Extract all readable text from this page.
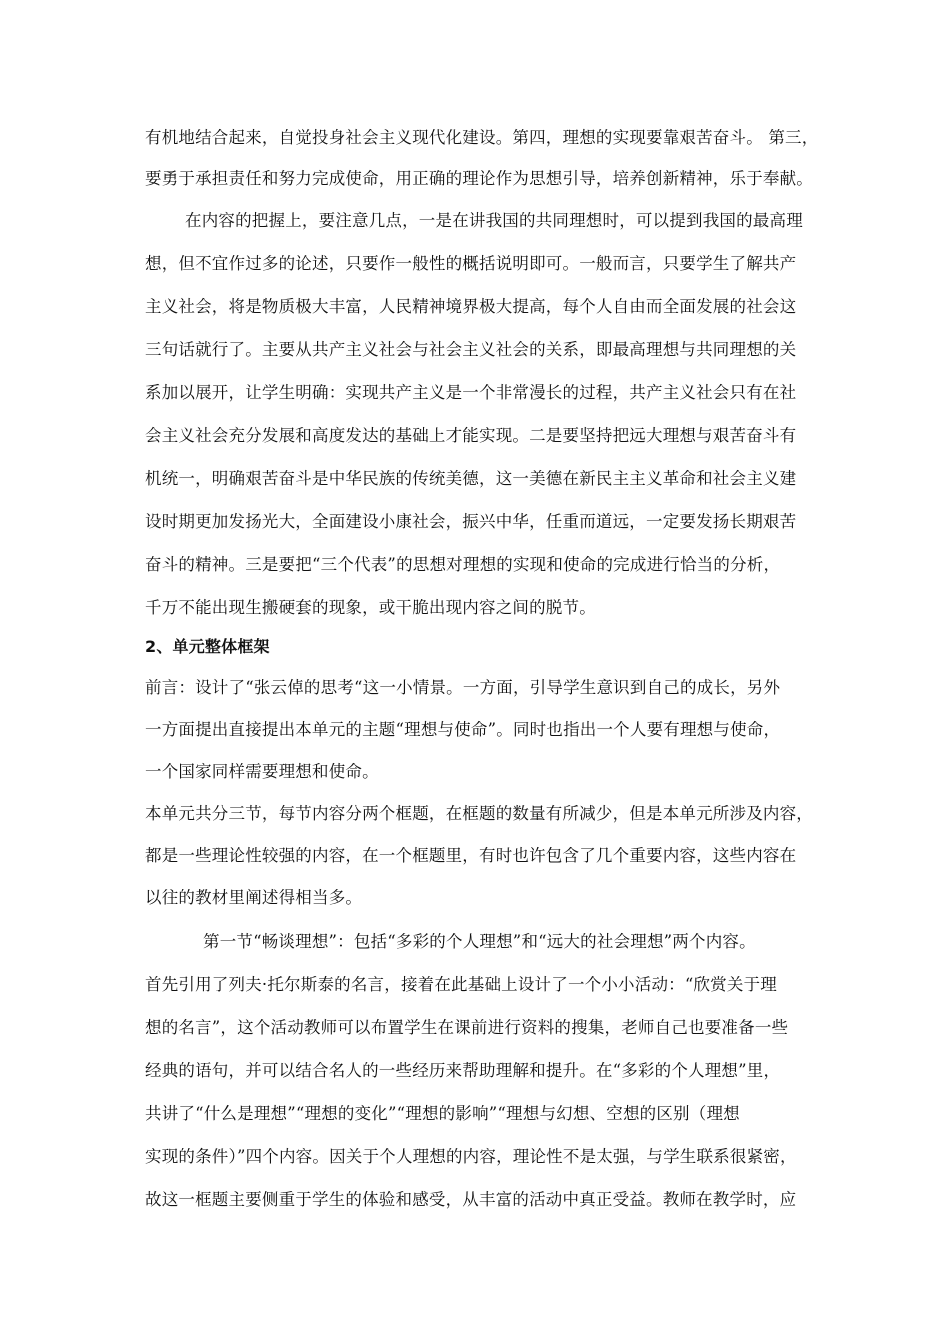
有机地结合起来，自觉投身社会主义现代化建设。第四，理想的实现要靠艰苦奋斗。 第三，
要勇于承担责任和努力完成使命，用正确的理论作为思想引导，培养创新精神，乐于奉献。
在内容的把握上，要注意几点，一是在讲我国的共同理想时，可以提到我国的最高理
想，但不宜作过多的论述，只要作一般性的概括说明即可。一般而言，只要学生了解共产
主义社会，将是物质极大丰富，人民精神境界极大提高，每个人自由而全面发展的社会这
三句话就行了。主要从共产主义社会与社会主义社会的关系，即最高理想与共同理想的关
系加以展开，让学生明确：实现共产主义是一个非常漫长的过程，共产主义社会只有在社
会主义社会充分发展和高度发达的基础上才能实现。二是要坚持把远大理想与艰苦奋斗有
机统一，明确艰苦奋斗是中华民族的传统美德，这一美德在新民主主义革命和社会主义建
设时期更加发扬光大，全面建设小康社会，振兴中华，任重而道远，一定要发扬长期艰苦
奋斗的精神。三是要把“三个代表”的思想对理想的实现和使命的完成进行恰当的分析，
千万不能出现生搬硬套的现象，或干脆出现内容之间的脱节。
2、单元整体框架
前言：设计了“张云倬的思考“这一小情景。一方面，引导学生意识到自己的成长，另外
一方面提出直接提出本单元的主题“理想与使命”。同时也指出一个人要有理想与使命，
一个国家同样需要理想和使命。
本单元共分三节，每节内容分两个框题，在框题的数量有所减少，但是本单元所涉及内容，
都是一些理论性较强的内容，在一个框题里，有时也许包含了几个重要内容，这些内容在
以往的教材里阐述得相当多。
第一节“畅谈理想”：包括“多彩的个人理想”和“远大的社会理想”两个内容。
首先引用了列夫·托尔斯泰的名言，接着在此基础上设计了一个小小活动：“欣赏关于理
想的名言”，这个活动教师可以布置学生在课前进行资料的搜集，老师自己也要准备一些
经典的语句，并可以结合名人的一些经历来帮助理解和提升。在“多彩的个人理想”里，
共讲了“什么是理想”“理想的变化”“理想的影响”“理想与幻想、空想的区别（理想
实现的条件）”四个内容。因关于个人理想的内容，理论性不是太强，与学生联系很紧密，
故这一框题主要侧重于学生的体验和感受，从丰富的活动中真正受益。教师在教学时，应
